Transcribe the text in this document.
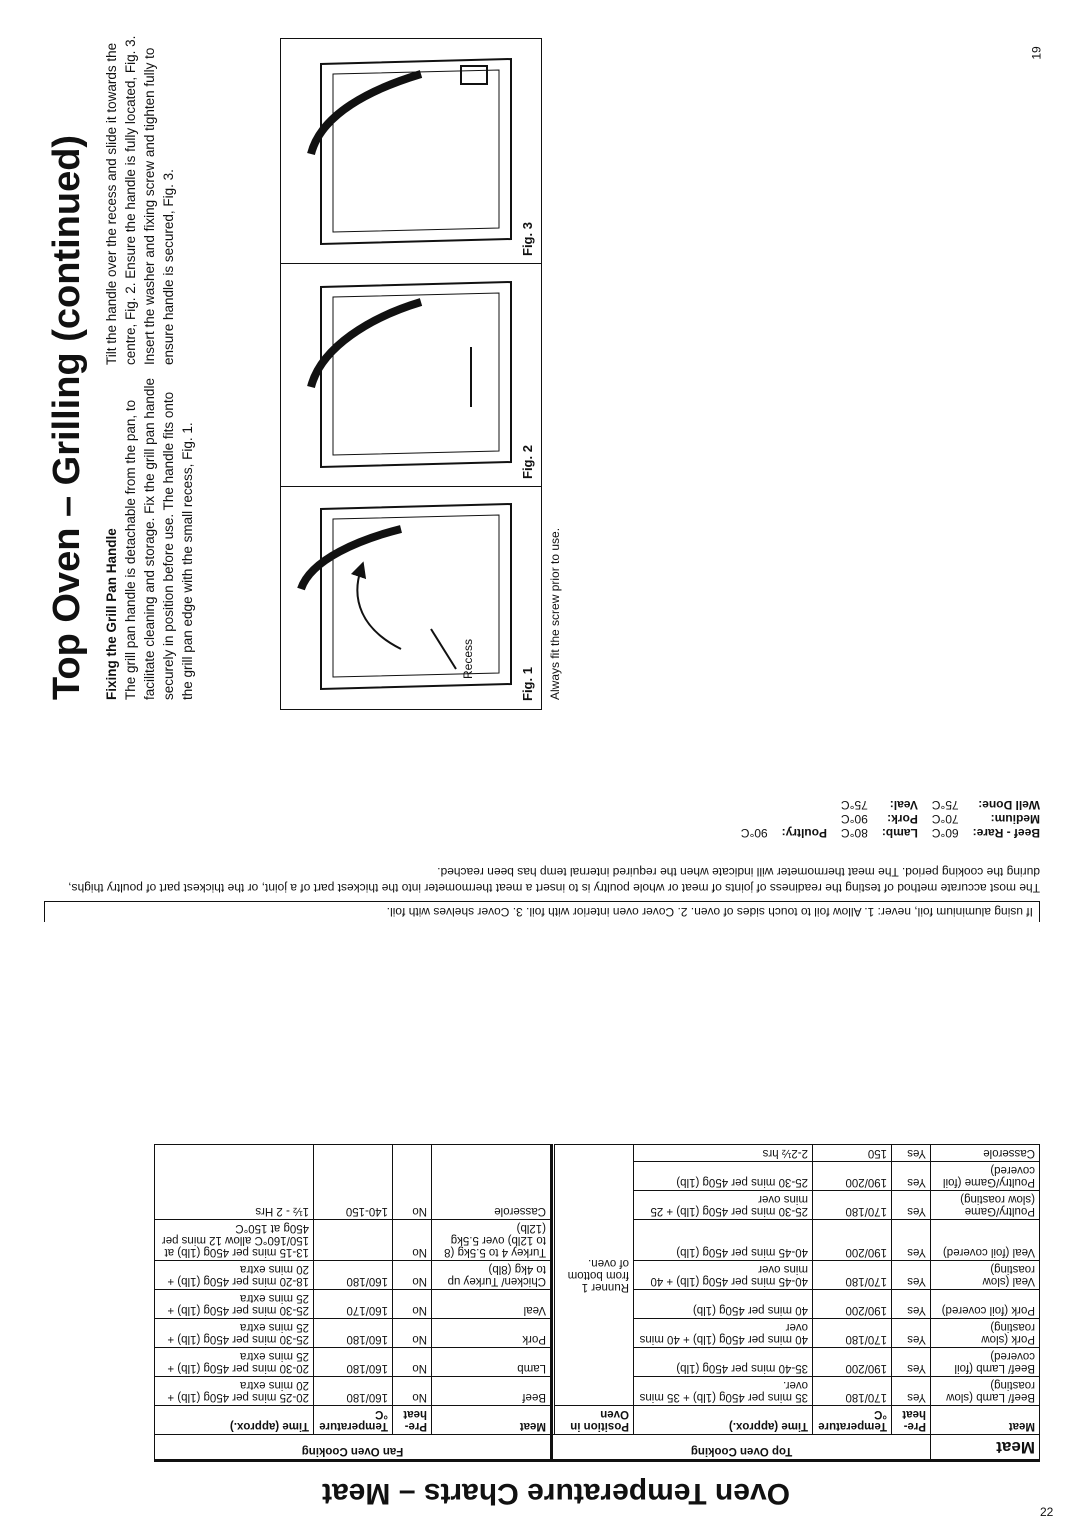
Top Oven – Grilling (continued) Fixing the Grill Pan Handle The grill pan handle is detachable from the pan, to facilitate cleaning and storage. Fix the grill pan handle securely in position before use. The handle fits onto the grill pan edge with the small recess, Fig. 1.
Tilt the handle over the recess and slide it towards the centre, Fig. 2. Ensure the handle is fully located, Fig. 3. Insert the washer and fixing screw and tighten fully to ensure handle is secured, Fig. 3.
Recess
Fig. 1
Fig. 2
Fig. 3
Always fit the screw prior to use.
19
Oven Temperature Charts – Meat
Meat	Top Oven Cooking					Fan Oven Cooking			
Meat	Pre-heat	Temperature °C	Time (approx.)	Position in Oven		Meat	Pre-heat	Temperature °C	Time (approx.)
Beef/ Lamb (slow roasting)	Yes	170/180	35 mins per 450g (1lb) + 35 mins over.	Runner 1 from bottom of oven.		Beef	No	160/180	20-25 mins per 450g (1lb) + 20 mins extra
Beef/ Lamb (foil covered)	Yes	190/200	35-40 mins per 450g (1lb)			Lamb	No	160/180	20-30 mins per 450g (1lb) + 25 mins extra
Pork (slow roasting)	Yes	170/180	40 mins per 450g (1lb) + 40 mins over			Pork	No	160/180	25-30 mins per 450g (1lb) + 25 mins extra
Pork (foil covered)	Yes	190/200	40 mins per 450g (1lb)			Veal	No	160/170	25-30 mins per 450g (1lb) + 25 mins extra
Veal (slow roasting)	Yes	170/180	40-45 mins per 450g (1lb) + 40 mins over			Chicken/ Turkey up to 4kg (8lb)	No	160/180	18-20 mins per 450g (1lb) + 20 mins extra
Veal (foil covered)	Yes	190/200	40-45 mins per 450g (1lb)			Turkey 4 to 5.5kg (8 to 12lb) over 5.5kg (12lb)	No		13-15 mins per 450g (1lb) at 150/160°C allow 12 mins per 450g at 150°C
Poultry/Game (slow roasting)	Yes	170/180	25-30 mins per 450g (1lb) + 25 mins over			Casserole	No	140-150	1½ - 2 Hrs
Poultry/Game (foil covered)	Yes	190/200	25-30 mins per 450g (1lb)						
Casserole	Yes	150	2-2½ hrs						
If using aluminium foil, never: 1. Allow foil to touch sides of oven. 2. Cover oven interior with foil. 3. Cover shelves with foil.
The most accurate method of testing the readiness of joints of meat or whole poultry is to insert a meat thermometer into the thickest part of a joint, or the thickest part of poultry thighs, during the cooking period. The meat thermometer will indicate when the required internal temp has been reached.
Beef - Rare:	60°C	Lamb:	80°C	Poultry:	90°C
Medium:	70°C	Pork:	90°C		
Well Done:	75°C	Veal:	75°C		
22
